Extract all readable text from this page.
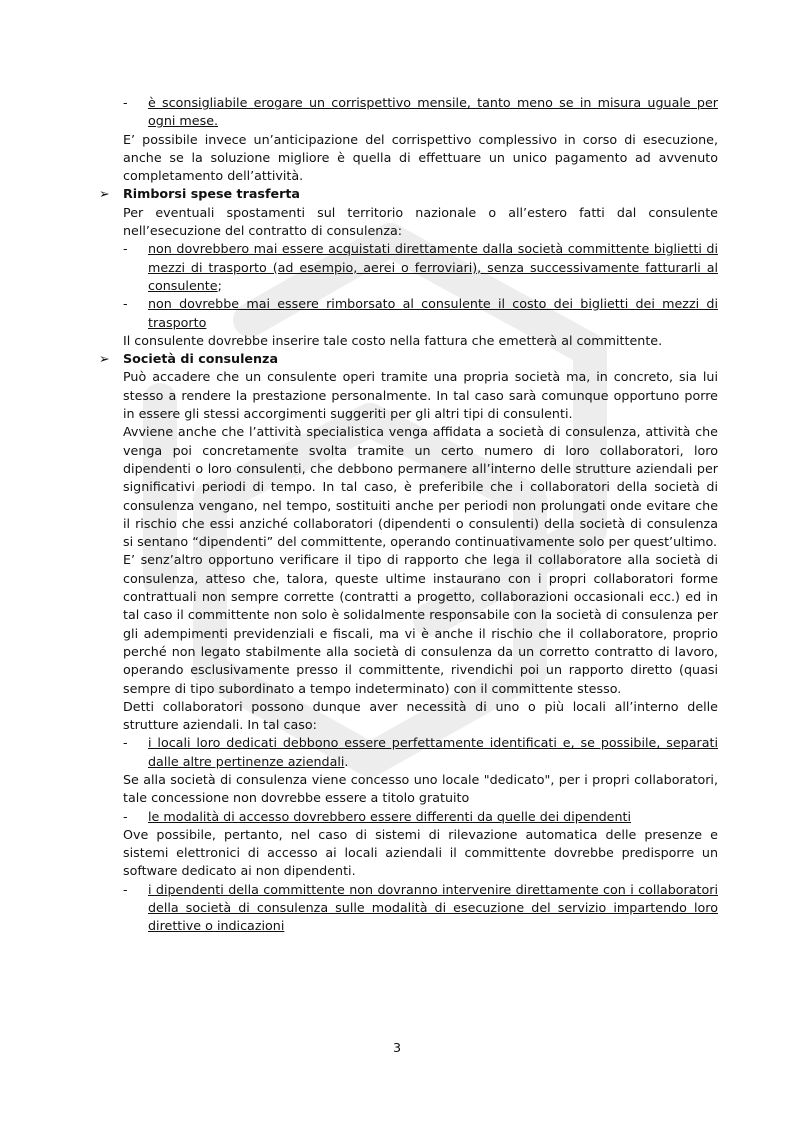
- è sconsigliabile erogare un corrispettivo mensile, tanto meno se in misura uguale per ogni mese.

E’ possibile invece un’anticipazione del corrispettivo complessivo in corso di esecuzione, anche se la soluzione migliore è quella di effettuare un unico pagamento ad avvenuto completamento dell’attività.

➢ Rimborsi spese trasferta

Per eventuali spostamenti sul territorio nazionale o all’estero fatti dal consulente nell’esecuzione del contratto di consulenza:

- non dovrebbero mai essere acquistati direttamente dalla società committente biglietti di mezzi di trasporto (ad esempio, aerei o ferroviari), senza successivamente fatturarli al consulente;

- non dovrebbe mai essere rimborsato al consulente il costo dei biglietti dei mezzi di trasporto

Il consulente dovrebbe inserire tale costo nella fattura che emetterà al committente.

➢ Società di consulenza

Può accadere che un consulente operi tramite una propria società ma, in concreto, sia lui stesso a rendere la prestazione personalmente. In tal caso sarà comunque opportuno porre in essere gli stessi accorgimenti suggeriti per gli altri tipi di consulenti.

Avviene anche che l’attività specialistica venga affidata a società di consulenza, attività che venga poi concretamente svolta tramite un certo numero di loro collaboratori, loro dipendenti o loro consulenti, che debbono permanere all’interno delle strutture aziendali per significativi periodi di tempo. In tal caso, è preferibile che i collaboratori della società di consulenza vengano, nel tempo, sostituiti anche per periodi non prolungati onde evitare che il rischio che essi anziché collaboratori (dipendenti o consulenti) della società di consulenza si sentano “dipendenti” del committente, operando continuativamente solo per quest’ultimo.

E’ senz’altro opportuno verificare il tipo di rapporto che lega il collaboratore alla società di consulenza, atteso che, talora, queste ultime instaurano con i propri collaboratori forme contrattuali non sempre corrette (contratti a progetto, collaborazioni occasionali ecc.) ed in tal caso il committente non solo è solidalmente responsabile con la società di consulenza per gli adempimenti previdenziali e fiscali, ma vi è anche il rischio che il collaboratore, proprio perché non legato stabilmente alla società di consulenza da un corretto contratto di lavoro, operando esclusivamente presso il committente, rivendichi poi un rapporto diretto (quasi sempre di tipo subordinato a tempo indeterminato) con il committente stesso.

Detti collaboratori possono dunque aver necessità di uno o più locali all’interno delle strutture aziendali. In tal caso:

- i locali loro dedicati debbono essere perfettamente identificati e, se possibile, separati dalle altre pertinenze aziendali.

Se alla società di consulenza viene concesso uno locale "dedicato", per i propri collaboratori, tale concessione non dovrebbe essere a titolo gratuito

- le modalità di accesso dovrebbero essere differenti da quelle dei dipendenti

Ove possibile, pertanto, nel caso di sistemi di rilevazione automatica delle presenze e sistemi elettronici di accesso ai locali aziendali il committente dovrebbe predisporre un software dedicato ai non dipendenti.

- i dipendenti della committente non dovranno intervenire direttamente con i collaboratori della società di consulenza sulle modalità di esecuzione del servizio impartendo loro direttive o indicazioni

3
